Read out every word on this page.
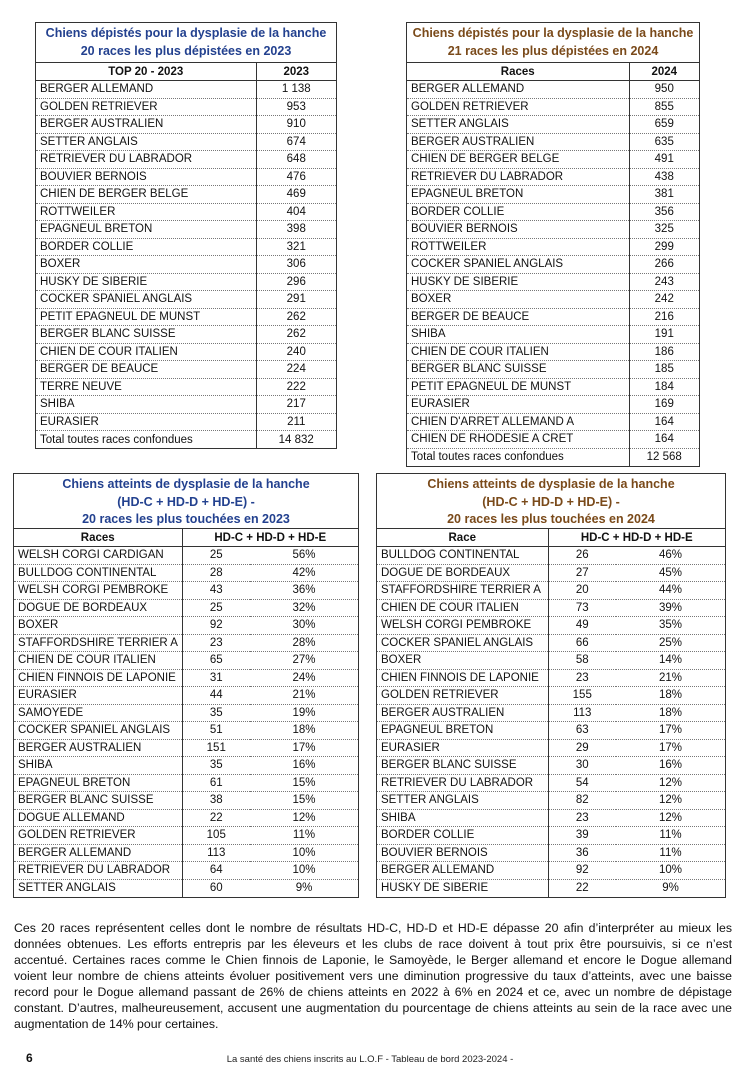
Chiens dépistés pour la dysplasie de la hanche
20 races les plus dépistées en 2023
TOP 20 - 2023	2023
BERGER ALLEMAND	1 138
GOLDEN RETRIEVER	953
BERGER AUSTRALIEN	910
SETTER ANGLAIS	674
RETRIEVER DU LABRADOR	648
BOUVIER BERNOIS	476
CHIEN DE BERGER BELGE	469
ROTTWEILER	404
EPAGNEUL BRETON	398
BORDER COLLIE	321
BOXER	306
HUSKY DE SIBERIE	296
COCKER SPANIEL ANGLAIS	291
PETIT EPAGNEUL DE MUNST	262
BERGER BLANC SUISSE	262
CHIEN DE COUR ITALIEN	240
BERGER DE BEAUCE	224
TERRE NEUVE	222
SHIBA	217
EURASIER	211
Total toutes races confondues	14 832
Chiens dépistés pour la dysplasie de la hanche
21 races les plus dépistées en 2024
Races	2024
BERGER ALLEMAND	950
GOLDEN RETRIEVER	855
SETTER ANGLAIS	659
BERGER AUSTRALIEN	635
CHIEN DE BERGER BELGE	491
RETRIEVER DU LABRADOR	438
EPAGNEUL BRETON	381
BORDER COLLIE	356
BOUVIER BERNOIS	325
ROTTWEILER	299
COCKER SPANIEL ANGLAIS	266
HUSKY DE SIBERIE	243
BOXER	242
BERGER DE BEAUCE	216
SHIBA	191
CHIEN DE COUR ITALIEN	186
BERGER BLANC SUISSE	185
PETIT EPAGNEUL DE MUNST	184
EURASIER	169
CHIEN D'ARRET ALLEMAND A	164
CHIEN DE RHODESIE A CRET	164
Total toutes races confondues	12 568
Chiens atteints de dysplasie de la hanche
(HD-C + HD-D + HD-E) -
20 races les plus touchées en 2023
Races	HD-C + HD-D + HD-E	
WELSH CORGI CARDIGAN	25	56%
BULLDOG CONTINENTAL	28	42%
WELSH CORGI PEMBROKE	43	36%
DOGUE DE BORDEAUX	25	32%
BOXER	92	30%
STAFFORDSHIRE TERRIER A	23	28%
CHIEN DE COUR ITALIEN	65	27%
CHIEN FINNOIS DE LAPONIE	31	24%
EURASIER	44	21%
SAMOYEDE	35	19%
COCKER SPANIEL ANGLAIS	51	18%
BERGER AUSTRALIEN	151	17%
SHIBA	35	16%
EPAGNEUL BRETON	61	15%
BERGER BLANC SUISSE	38	15%
DOGUE ALLEMAND	22	12%
GOLDEN RETRIEVER	105	11%
BERGER ALLEMAND	113	10%
RETRIEVER DU LABRADOR	64	10%
SETTER ANGLAIS	60	9%
Chiens atteints de dysplasie de la hanche
(HD-C + HD-D + HD-E) -
20 races les plus touchées en 2024
Race	HD-C + HD-D + HD-E	
BULLDOG CONTINENTAL	26	46%
DOGUE DE BORDEAUX	27	45%
STAFFORDSHIRE TERRIER A	20	44%
CHIEN DE COUR ITALIEN	73	39%
WELSH CORGI PEMBROKE	49	35%
COCKER SPANIEL ANGLAIS	66	25%
BOXER	58	14%
CHIEN FINNOIS DE LAPONIE	23	21%
GOLDEN RETRIEVER	155	18%
BERGER AUSTRALIEN	113	18%
EPAGNEUL BRETON	63	17%
EURASIER	29	17%
BERGER BLANC SUISSE	30	16%
RETRIEVER DU LABRADOR	54	12%
SETTER ANGLAIS	82	12%
SHIBA	23	12%
BORDER COLLIE	39	11%
BOUVIER BERNOIS	36	11%
BERGER ALLEMAND	92	10%
HUSKY DE SIBERIE	22	9%

Ces 20 races représentent celles dont le nombre de résultats HD-C, HD-D et HD-E dépasse 20 afin d’interpréter au mieux les données obtenues. Les efforts entrepris par les éleveurs et les clubs de race doivent à tout prix être poursuivis, si ce n’est accentué. Certaines races comme le Chien finnois de Laponie, le Samoyède, le Berger allemand et encore le Dogue allemand voient leur nombre de chiens atteints évoluer positivement vers une diminution progressive du taux d’atteints, avec une baisse record pour le Dogue allemand passant de 26% de chiens atteints en 2022 à 6% en 2024 et ce, avec un nombre de dépistage constant. D’autres, malheureusement, accusent une augmentation du pourcentage de chiens atteints au sein de la race avec une augmentation de 14% pour certaines.

6	La santé des chiens inscrits au L.O.F - Tableau de bord 2023-2024 -
